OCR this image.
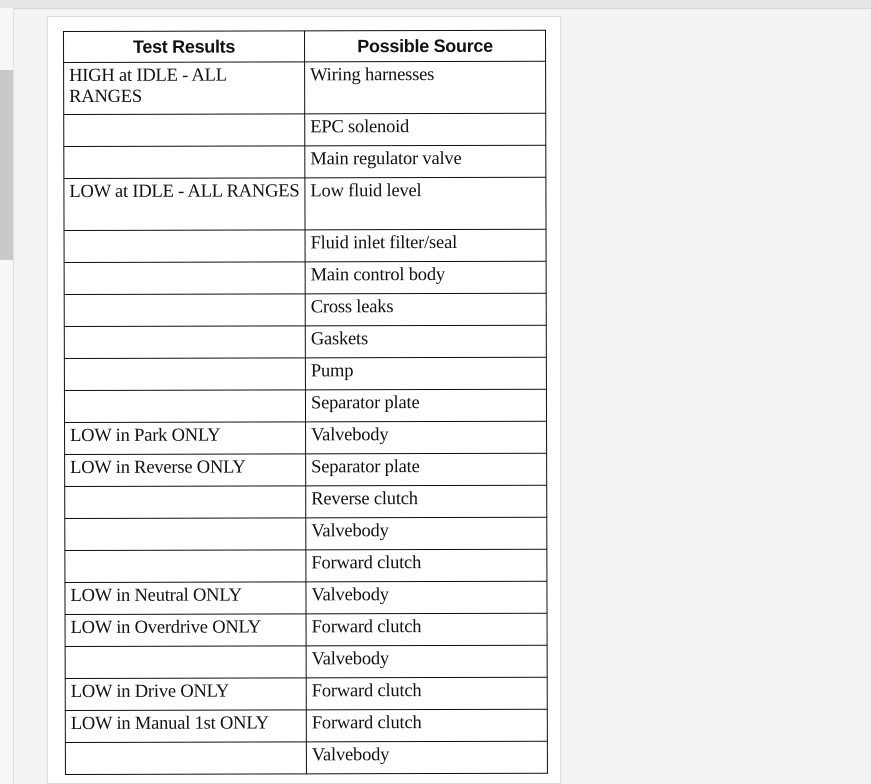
Test Results	Possible Source
HIGH at IDLE - ALL RANGES	Wiring harnesses
	EPC solenoid
	Main regulator valve
LOW at IDLE - ALL RANGES	Low fluid level
	Fluid inlet filter/seal
	Main control body
	Cross leaks
	Gaskets
	Pump
	Separator plate
LOW in Park ONLY	Valvebody
LOW in Reverse ONLY	Separator plate
	Reverse clutch
	Valvebody
	Forward clutch
LOW in Neutral ONLY	Valvebody
LOW in Overdrive ONLY	Forward clutch
	Valvebody
LOW in Drive ONLY	Forward clutch
LOW in Manual 1st ONLY	Forward clutch
	Valvebody
